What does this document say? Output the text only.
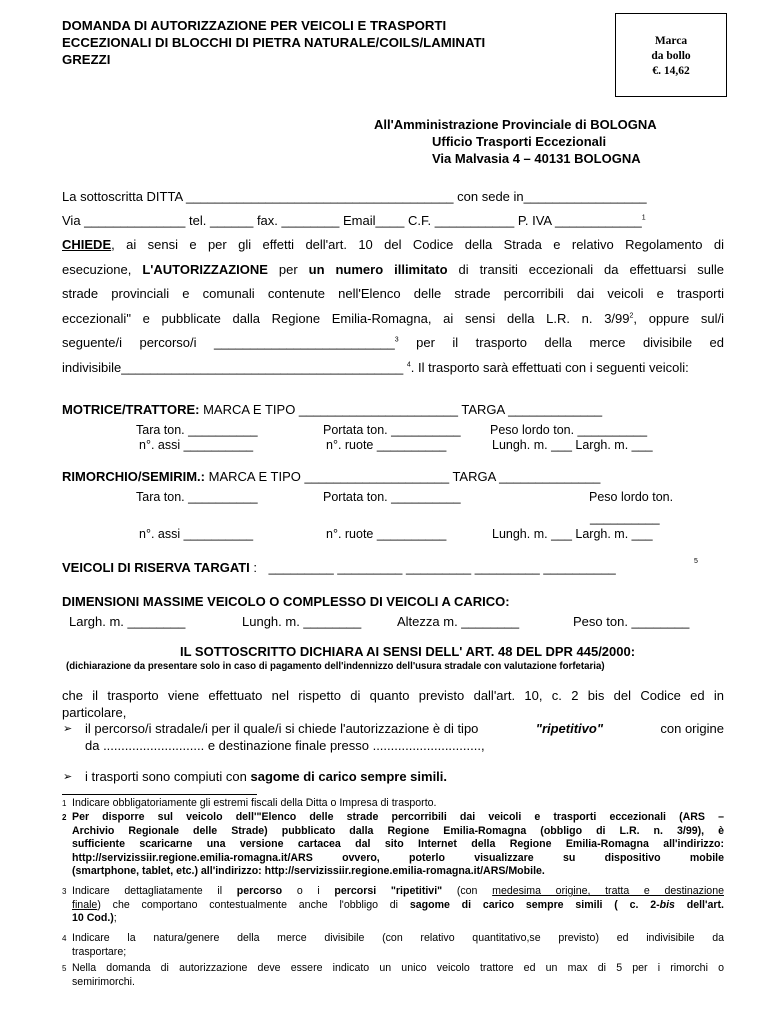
DOMANDA DI AUTORIZZAZIONE PER VEICOLI E TRASPORTI
ECCEZIONALI DI BLOCCHI DI PIETRA NATURALE/COILS/LAMINATI
GREZZI
Marca
da bollo
€. 14,62
All'Amministrazione Provinciale di BOLOGNA
Ufficio Trasporti Eccezionali
Via Malvasia 4 – 40131 BOLOGNA
La sottoscritta DITTA _____________________________________ con sede in_________________
Via ______________ tel. ______ fax. ________ Email____ C.F. ___________ P. IVA ____________$^1$
CHIEDE, ai sensi e per gli effetti dell'art. 10 del Codice della Strada e relativo Regolamento di
esecuzione, L'AUTORIZZAZIONE per un numero illimitato di transiti eccezionali da effettuarsi sulle
strade provinciali e comunali contenute nell'Elenco delle strade percorribili dai veicoli e trasporti
eccezionali" e pubblicate dalla Regione Emilia-Romagna, ai sensi della L.R. n. $3/99^2$, oppure sul/i
seguente/i percorso/i _________________________$^3$ per il trasporto della merce divisibile ed
indivisibile_______________________________________ $^4$. Il trasporto sarà effettuati con i seguenti veicoli:
MOTRICE/TRATTORE: MARCA E TIPO ______________________ TARGA _____________
Tara ton. __________	Portata ton. __________ Peso lordo ton. __________
n°. assi __________	n°. ruote __________	Lungh. m. ___ Largh. m. ___
RIMORCHIO/SEMIRIM.: MARCA E TIPO ____________________ TARGA ______________
Tara ton. __________	Portata ton. __________	Peso lordo ton.
__________
n°. assi __________	n°. ruote __________	Lungh. m. ___ Largh. m. ___
VEICOLI DI RISERVA TARGATI : _________ _________ _________ _________ __________	5
DIMENSIONI MASSIME VEICOLO O COMPLESSO DI VEICOLI A CARICO:
Largh. m. ________	Lungh. m. ________	Altezza m. ________	Peso ton. ________
IL SOTTOSCRITTO DICHIARA AI SENSI DELL' ART. 48 DEL DPR 445/2000:
(dichiarazione da presentare solo in caso di pagamento dell'indennizzo dell'usura stradale con valutazione forfetaria)
che il trasporto viene effettuato nel rispetto di quanto previsto dall'art. 10, c. 2 bis del Codice ed in
particolare,
➢ il percorso/i stradale/i per il quale/i si chiede l'autorizzazione è di tipo	"ripetitivo"	con origine
da ............................ e destinazione finale presso ..............................,
➢ i trasporti sono compiuti con sagome di carico sempre simili.
1 Indicare obbligatoriamente gli estremi fiscali della Ditta o Impresa di trasporto.
2 Per disporre sul veicolo dell'"Elenco delle strade percorribili dai veicoli e trasporti eccezionali (ARS –
Archivio Regionale delle Strade) pubblicato dalla Regione Emilia-Romagna (obbligo di L.R. n. 3/99), è
sufficiente scaricarne una versione cartacea dal sito Internet della Regione Emilia-Romagna all'indirizzo:
http://servizissiir.regione.emilia-romagna.it/ARS ovvero, poterlo visualizzare su dispositivo mobile
(smartphone, tablet, etc.) all'indirizzo: http://servizissiir.regione.emilia-romagna.it/ARS/Mobile.
3 Indicare dettagliatamente il percorso o i percorsi "ripetitivi" (con medesima origine, tratta e destinazione
finale) che comportano contestualmente anche l'obbligo di sagome di carico sempre simili ( c. 2-bis dell'art.
10 Cod.);
4 Indicare la natura/genere della merce divisibile (con relativo quantitativo,se previsto) ed indivisibile da
trasportare;
5 Nella domanda di autorizzazione deve essere indicato un unico veicolo trattore ed un max di 5 per i rimorchi o
semirimorchi.
